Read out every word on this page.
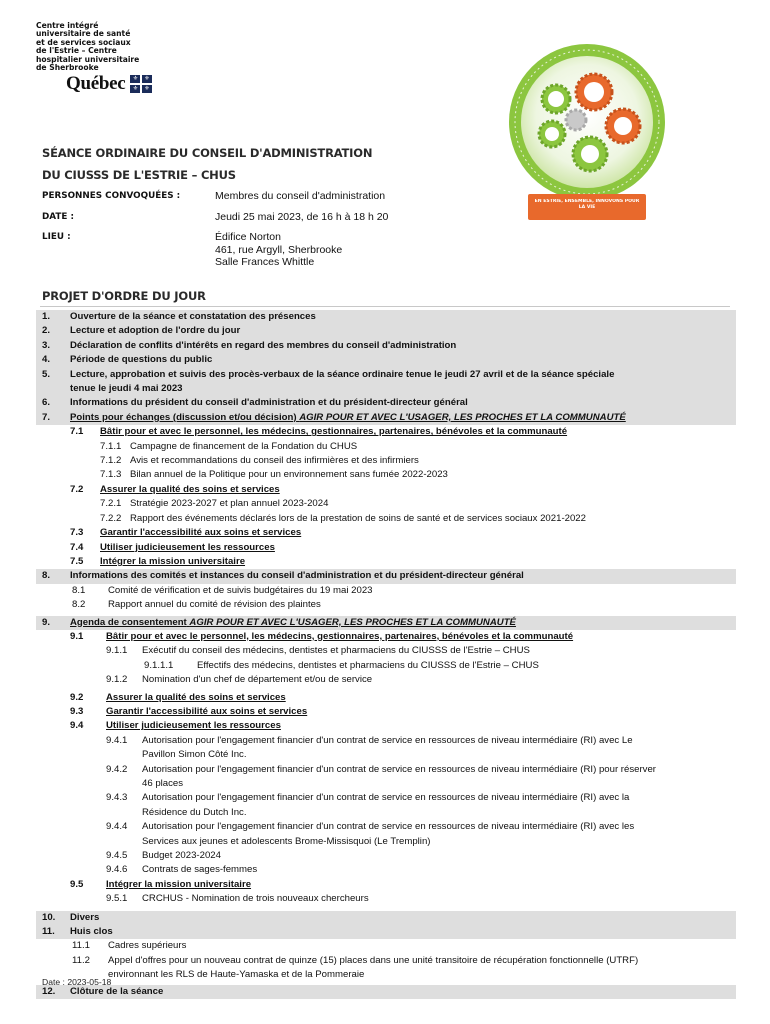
Centre intégré
universitaire de santé
et de services sociaux
de l'Estrie – Centre
hospitalier universitaire
de Sherbrooke
Québec	⚜	⚜
⚜	⚜
EN ESTRIE, ENSEMBLE, INNOVONS POUR LA VIE
SÉANCE ORDINAIRE DU CONSEIL D'ADMINISTRATION
DU CIUSSS DE L'ESTRIE – CHUS
PERSONNES CONVOQUÉES :	Membres du conseil d'administration
DATE :	Jeudi 25 mai 2023, de 16 h à 18 h 20
LIEU :	Édifice Norton
461, rue Argyll, Sherbrooke
Salle Frances Whittle
PROJET D'ORDRE DU JOUR
1.	Ouverture de la séance et constatation des présences
2.	Lecture et adoption de l'ordre du jour
3.	Déclaration de conflits d'intérêts en regard des membres du conseil d'administration
4.	Période de questions du public
5.	Lecture, approbation et suivis des procès-verbaux de la séance ordinaire tenue le jeudi 27 avril et de la séance spéciale
tenue le jeudi 4 mai 2023
6.	Informations du président du conseil d'administration et du président-directeur général
7.	Points pour échanges (discussion et/ou décision) AGIR POUR ET AVEC L'USAGER, LES PROCHES ET LA COMMUNAUTÉ
7.1	Bâtir pour et avec le personnel, les médecins, gestionnaires, partenaires, bénévoles et la communauté
7.1.1 Campagne de financement de la Fondation du CHUS
7.1.2 Avis et recommandations du conseil des infirmières et des infirmiers
7.1.3 Bilan annuel de la Politique pour un environnement sans fumée 2022-2023
7.2	Assurer la qualité des soins et services
7.2.1 Stratégie 2023-2027 et plan annuel 2023-2024
7.2.2 Rapport des événements déclarés lors de la prestation de soins de santé et de services sociaux 2021-2022
7.3	Garantir l'accessibilité aux soins et services
7.4	Utiliser judicieusement les ressources
7.5	Intégrer la mission universitaire
8.	Informations des comités et instances du conseil d'administration et du président-directeur général
8.1	Comité de vérification et de suivis budgétaires du 19 mai 2023
8.2	Rapport annuel du comité de révision des plaintes
9.	Agenda de consentement AGIR POUR ET AVEC L'USAGER, LES PROCHES ET LA COMMUNAUTÉ
9.1	Bâtir pour et avec le personnel, les médecins, gestionnaires, partenaires, bénévoles et la communauté
9.1.1	Exécutif du conseil des médecins, dentistes et pharmaciens du CIUSSS de l'Estrie – CHUS
9.1.1.1	Effectifs des médecins, dentistes et pharmaciens du CIUSSS de l'Estrie – CHUS
9.1.2	Nomination d'un chef de département et/ou de service
9.2	Assurer la qualité des soins et services
9.3	Garantir l'accessibilité aux soins et services
9.4	Utiliser judicieusement les ressources
9.4.1	Autorisation pour l'engagement financier d'un contrat de service en ressources de niveau intermédiaire (RI) avec Le
Pavillon Simon Côté Inc.
9.4.2	Autorisation pour l'engagement financier d'un contrat de service en ressources de niveau intermédiaire (RI) pour réserver
46 places
9.4.3	Autorisation pour l'engagement financier d'un contrat de service en ressources de niveau intermédiaire (RI) avec la
Résidence du Dutch Inc.
9.4.4	Autorisation pour l'engagement financier d'un contrat de service en ressources de niveau intermédiaire (RI) avec les
Services aux jeunes et adolescents Brome-Missisquoi (Le Tremplin)
9.4.5	Budget 2023-2024
9.4.6	Contrats de sages-femmes
9.5	Intégrer la mission universitaire
9.5.1	CRCHUS - Nomination de trois nouveaux chercheurs
10.	Divers
11.	Huis clos
11.1	Cadres supérieurs
11.2	Appel d'offres pour un nouveau contrat de quinze (15) places dans une unité transitoire de récupération fonctionnelle (UTRF)
environnant les RLS de Haute-Yamaska et de la Pommeraie
12.	Clôture de la séance
Date : 2023-05-18
